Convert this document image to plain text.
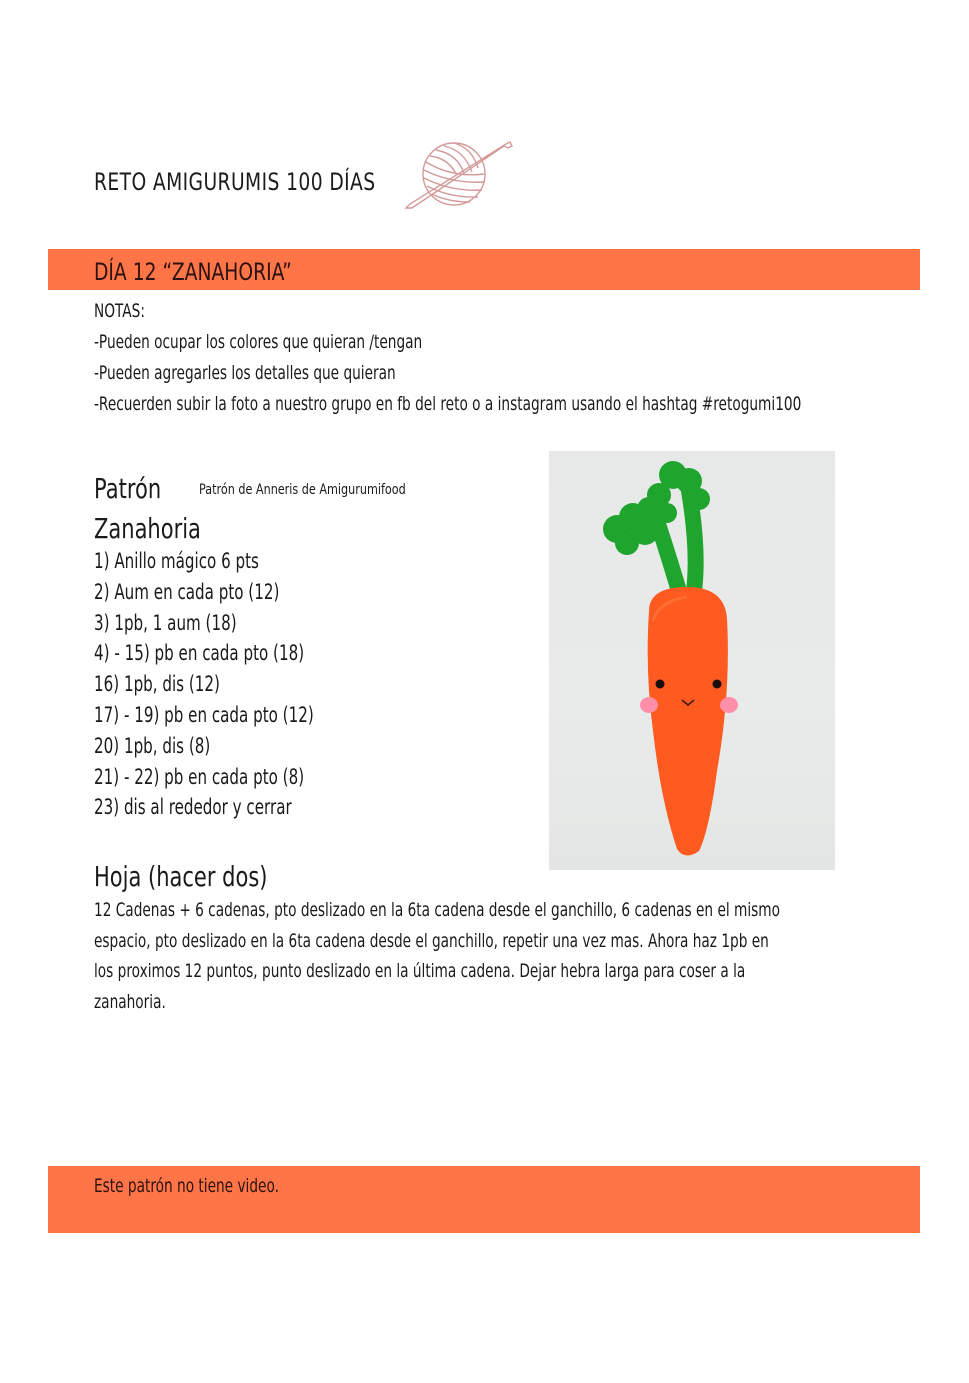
RETO AMIGURUMIS 100 DÍAS
DÍA 12 “ZANAHORIA”
NOTAS:
-Pueden ocupar los colores que quieran /tengan
-Pueden agregarles los detalles que quieran
-Recuerden subir la foto a nuestro grupo en fb del reto o a instagram usando el hashtag #retogumi100
Patrón	Patrón de Anneris de Amigurumifood
Zanahoria
1) Anillo mágico 6 pts
2) Aum en cada pto (12)
3) 1pb, 1 aum (18)
4) - 15) pb en cada pto (18)
16) 1pb, dis (12)
17) - 19) pb en cada pto (12)
20) 1pb, dis (8)
21) - 22) pb en cada pto (8)
23) dis al rededor y cerrar
Hoja (hacer dos)

12 Cadenas + 6 cadenas, pto deslizado en la 6ta cadena desde el ganchillo, 6 cadenas en el mismo

espacio, pto deslizado en la 6ta cadena desde el ganchillo, repetir una vez mas. Ahora haz 1pb en

los proximos 12 puntos, punto deslizado en la última cadena. Dejar hebra larga para coser a la

zanahoria.

Este patrón no tiene video.
